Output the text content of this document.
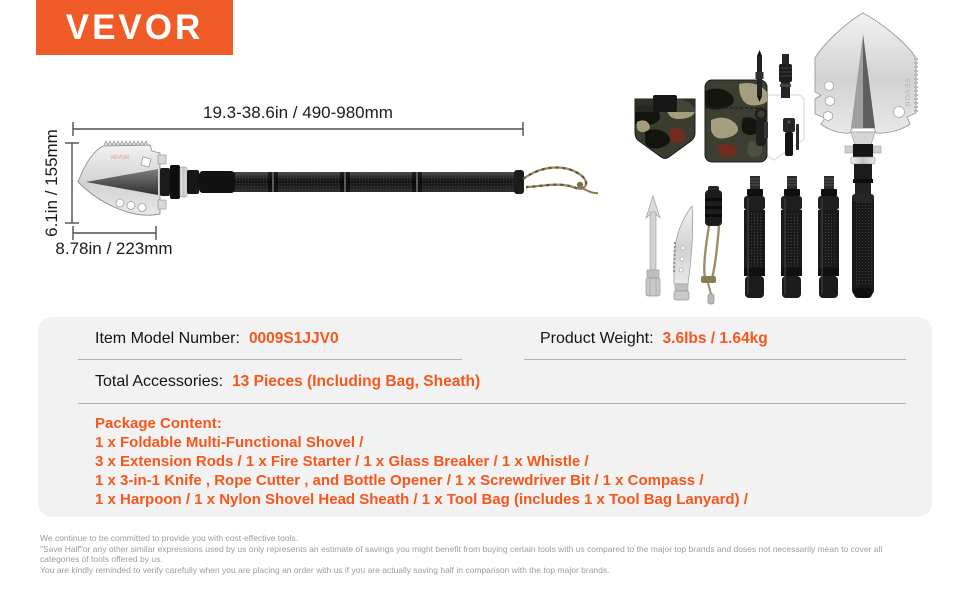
VEVOR
VEVOR
19.3-38.6in / 490-980mm
6.1in / 155mm
8.78in / 223mm
VEVOR
Item Model Number: 0009S1JJV0	Product Weight: 3.6lbs / 1.64kg
Total Accessories: 13 Pieces (Including Bag, Sheath)
Package Content:
1 x Foldable Multi-Functional Shovel /
3 x Extension Rods / 1 x Fire Starter / 1 x Glass Breaker / 1 x Whistle /
1 x 3-in-1 Knife , Rope Cutter , and Bottle Opener / 1 x Screwdriver Bit / 1 x Compass /
1 x Harpoon / 1 x Nylon Shovel Head Sheath / 1 x Tool Bag (includes 1 x Tool Bag Lanyard) /
We continue to be committed to provide you with cost-effective tools.
"Save Half"or any other similar expressions used by us only represents an estimate of savings you might benefit from buying certain tools with us compared to the major top brands and doses not necessarily mean to cover all
categories of tools offered by us.
You are kindly reminded to verify carefully when you are placing an order with us if you are actually saving half in comparison with the top major brands.
